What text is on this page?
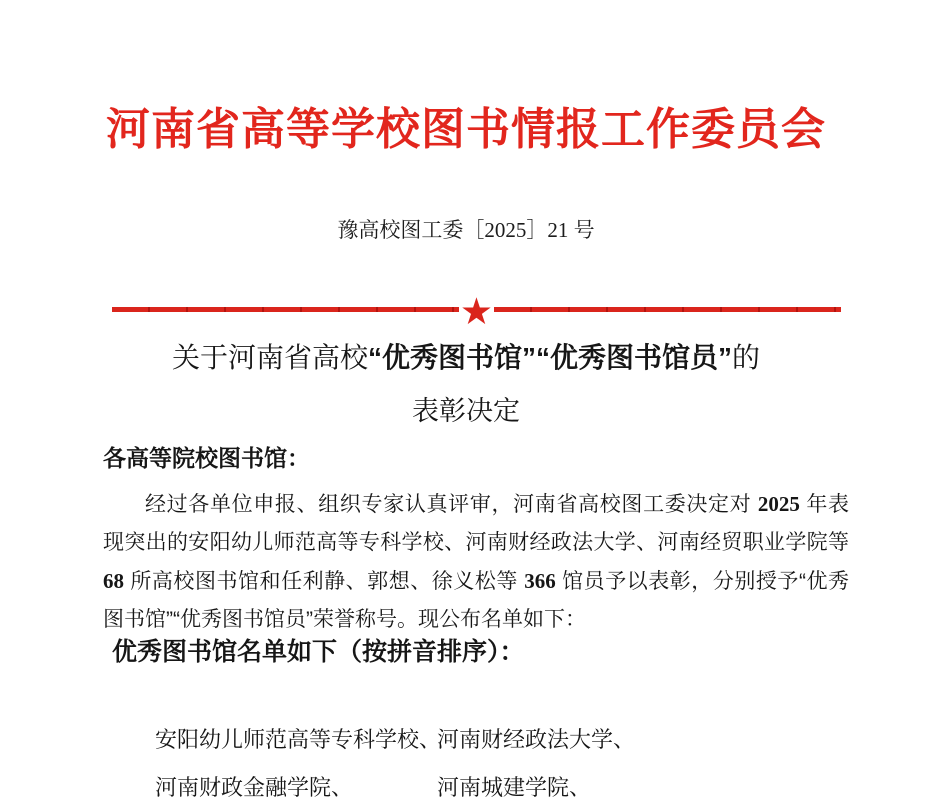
河南省高等学校图书情报工作委员会
豫高校图工委［2025］21 号
★
关于河南省高校“优秀图书馆”“优秀图书馆员”的
表彰决定
各高等院校图书馆：
经过各单位申报、组织专家认真评审，河南省高校图工委决定对 2025 年表现突出的安阳幼儿师范高等专科学校、河南财经政法大学、河南经贸职业学院等 68 所高校图书馆和任利静、郭想、徐义松等 366 馆员予以表彰，分别授予“优秀图书馆”“优秀图书馆员”荣誉称号。现公布名单如下：
优秀图书馆名单如下（按拼音排序）：
安阳幼儿师范高等专科学校、
河南财经政法大学、
河南财政金融学院、	河南城建学院、
